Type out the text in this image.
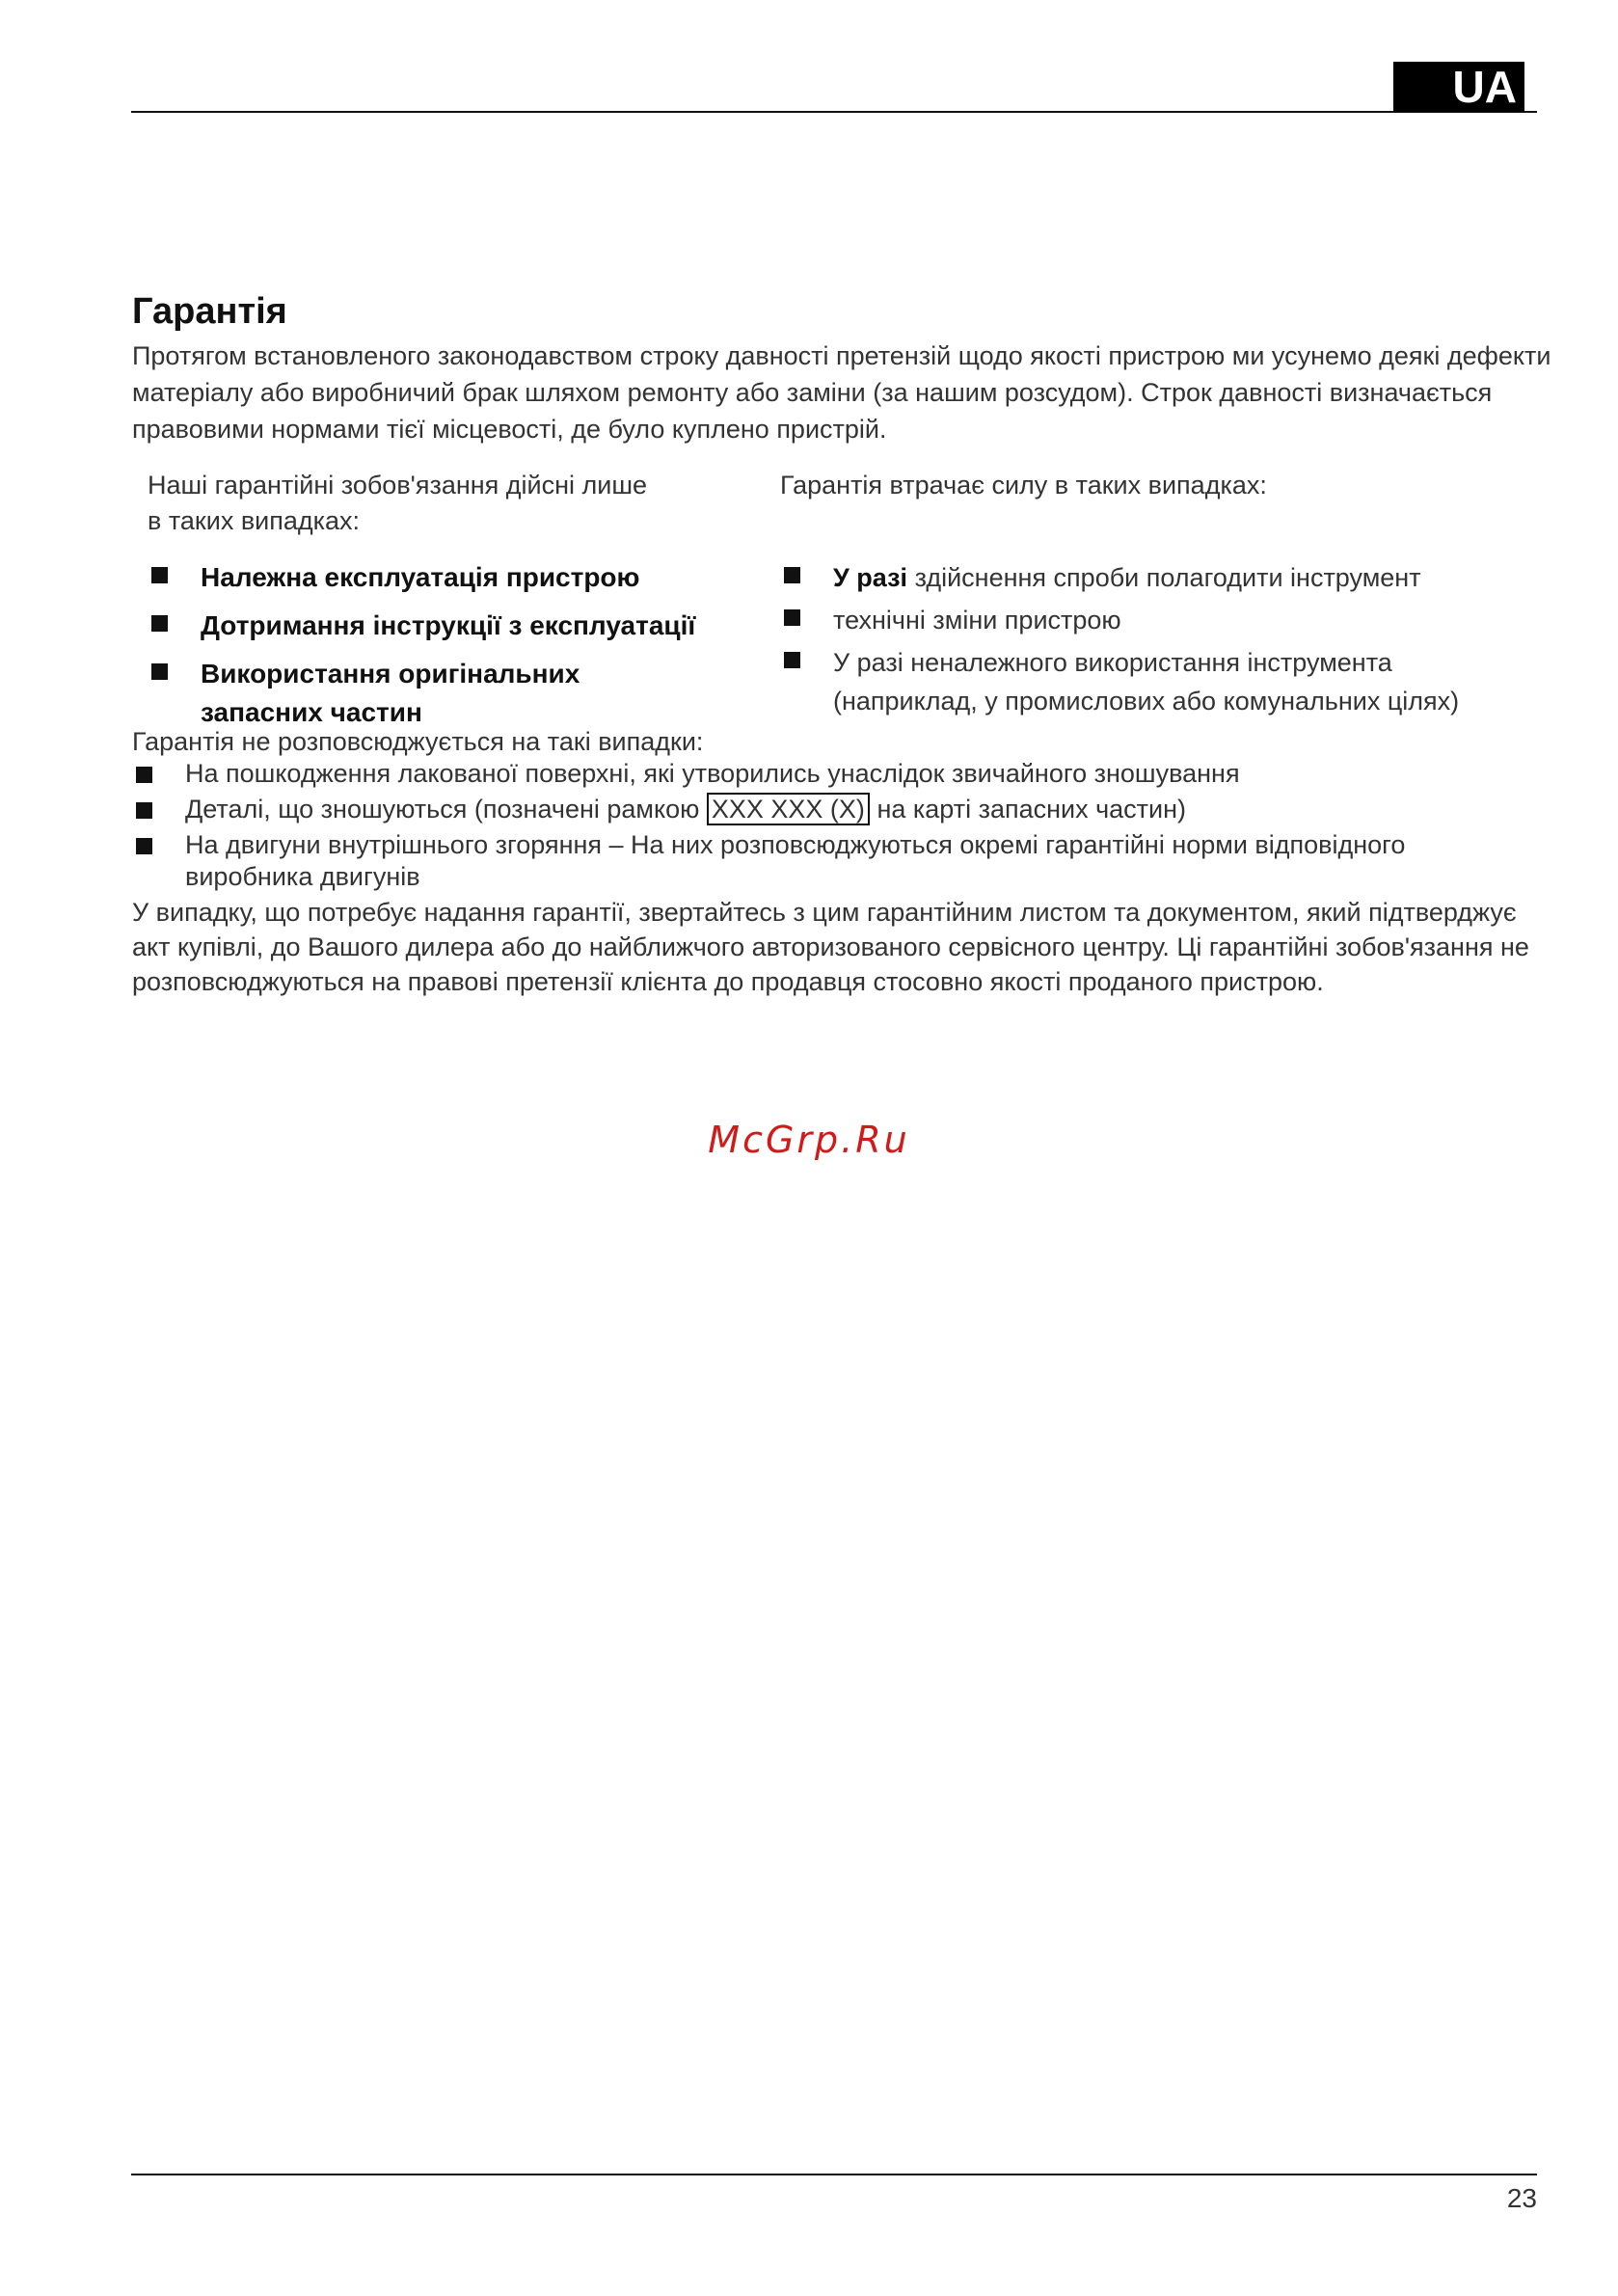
UA
Гарантія

Протягом встановленого законодавством строку давності претензій щодо якості пристрою ми усунемо деякі дефекти
матеріалу або виробничий брак шляхом ремонту або заміни (за нашим розсудом). Строк давності визначається
правовими нормами тієї місцевості, де було куплено пристрій.

Наші гарантійні зобов'язання дійсні лише
в таких випадках:

Належна експлуатація пристрою
Дотримання інструкції з експлуатації
Використання оригінальних запасних частин

Гарантія втрачає силу в таких випадках:

У разі здійснення спроби полагодити інструмент
технічні зміни пристрою
У разі неналежного використання інструмента (наприклад, у промислових або комунальних цілях)

Гарантія не розповсюджується на такі випадки:

На пошкодження лакованої поверхні, які утворились унаслідок звичайного зношування
Деталі, що зношуються (позначені рамкою XXX XXX (X) на карті запасних частин)
На двигуни внутрішнього згоряння – На них розповсюджуються окремі гарантійні норми відповідного виробника двигунів

У випадку, що потребує надання гарантії, звертайтесь з цим гарантійним листом та документом, який підтверджує
акт купівлі, до Вашого дилера або до найближчого авторизованого сервісного центру. Ці гарантійні зобов'язання не
розповсюджуються на правові претензії клієнта до продавця стосовно якості проданого пристрою.

McGrp.Ru
23
